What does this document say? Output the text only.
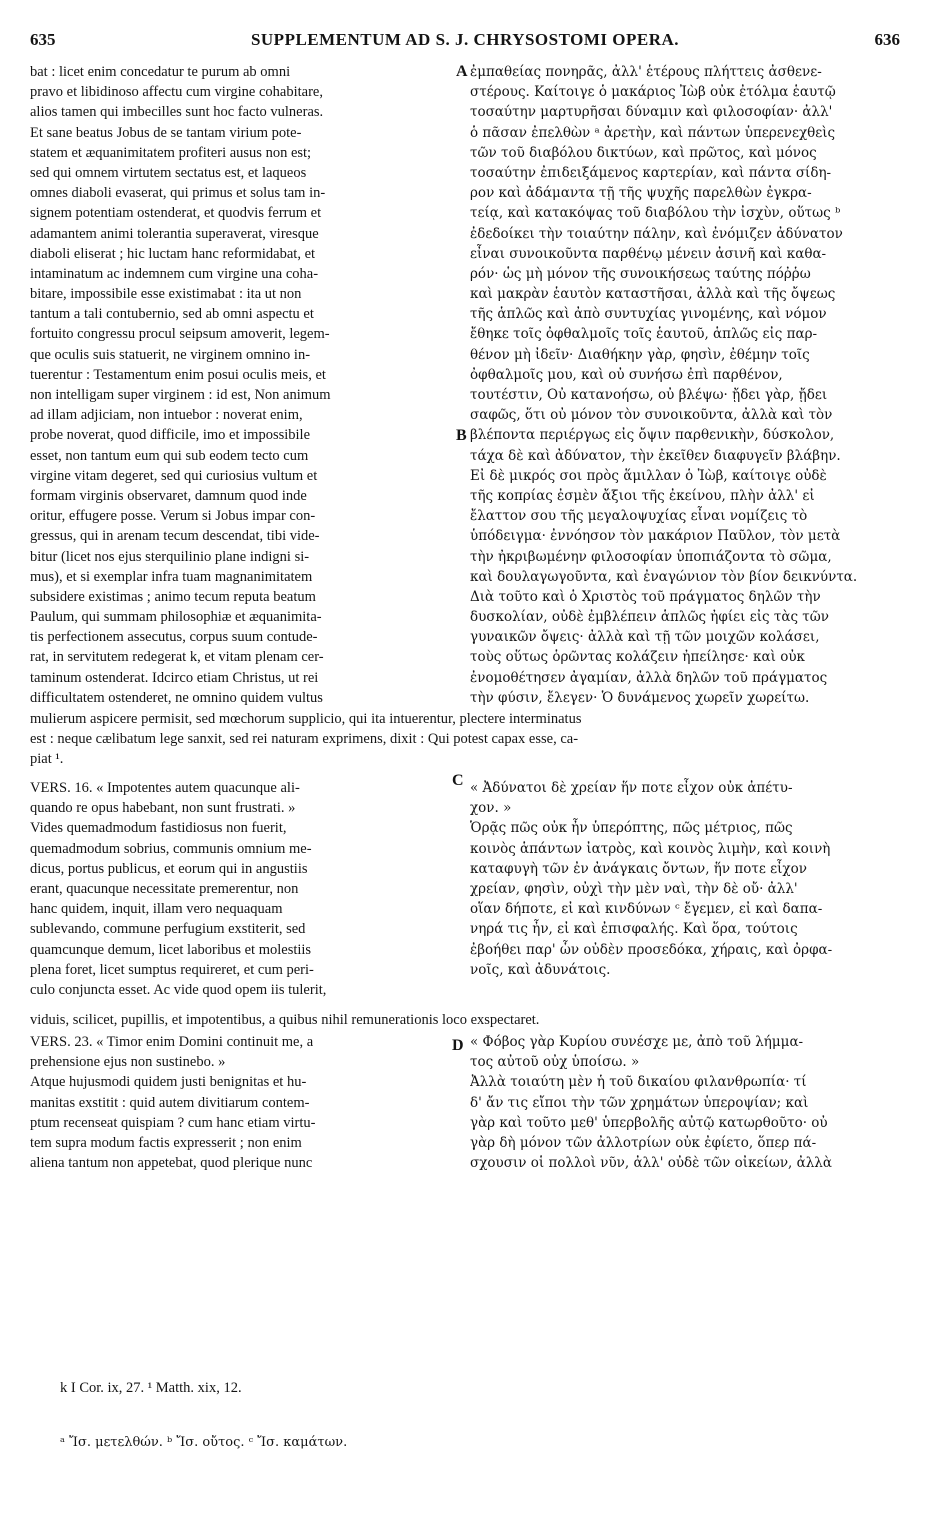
635	SUPPLEMENTUM AD S. J. CHRYSOSTOMI OPERA.	636
bat : licet enim concedatur te purum ab omni
pravo et libidinoso affectu cum virgine cohabitare,
alios tamen qui imbecilles sunt hoc facto vulneras.
Et sane beatus Jobus de se tantam virium pote-
statem et æquanimitatem profiteri ausus non est;
sed qui omnem virtutem sectatus est, et laqueos
omnes diaboli evaserat, qui primus et solus tam in-
signem potentiam ostenderat, et quodvis ferrum et
adamantem animi tolerantia superaverat, viresque
diaboli eliserat ; hic luctam hanc reformidabat, et
intaminatum ac indemnem cum virgine una coha-
bitare, impossibile esse existimabat : ita ut non
tantum a tali contubernio, sed ab omni aspectu et
fortuito congressu procul seipsum amoverit, legem-
que oculis suis statuerit, ne virginem omnino in-
tuerentur : Testamentum enim posui oculis meis, et
non intelligam super virginem : id est, Non animum
ad illam adjiciam, non intuebor : noverat enim,
probe noverat, quod difficile, imo et impossibile
esset, non tantum eum qui sub eodem tecto cum
virgine vitam degeret, sed qui curiosius vultum et
formam virginis observaret, damnum quod inde
oritur, effugere posse. Verum si Jobus impar con-
gressus, qui in arenam tecum descendat, tibi vide-
bitur (licet nos ejus sterquilinio plane indigni si-
mus), et si exemplar infra tuam magnanimitatem
subsidere existimas ; animo tecum reputa beatum
Paulum, qui summam philosophiæ et æquanimita-
tis perfectionem assecutus, corpus suum contude-
rat, in servitutem redegerat k, et vitam plenam cer-
taminum ostenderat. Idcirco etiam Christus, ut rei
difficultatem ostenderet, ne omnino quidem vultus
ἐμπαθείας πονηρᾶς, ἀλλ' ἑτέρους πλήττεις ἀσθενε-
στέρους. Καίτοιγε ὁ μακάριος Ἰὼβ οὐκ ἐτόλμα ἑαυτῷ
τοσαύτην μαρτυρῆσαι δύναμιν καὶ φιλοσοφίαν· ἀλλ'
ὁ πᾶσαν ἐπελθὼν ᵃ ἀρετὴν, καὶ πάντων ὑπερενεχθεὶς
τῶν τοῦ διαβόλου δικτύων, καὶ πρῶτος, καὶ μόνος
τοσαύτην ἐπιδειξάμενος καρτερίαν, καὶ πάντα σίδη-
ρον καὶ ἀδάμαντα τῇ τῆς ψυχῆς παρελθὼν ἐγκρα-
τείᾳ, καὶ κατακόψας τοῦ διαβόλου τὴν ἰσχὺν, οὕτως ᵇ
ἐδεδοίκει τὴν τοιαύτην πάλην, καὶ ἐνόμιζεν ἀδύνατον
εἶναι συνοικοῦντα παρθένῳ μένειν ἀσινῆ καὶ καθα-
ρόν· ὡς μὴ μόνον τῆς συνοικήσεως ταύτης πόῤῥω
καὶ μακρὰν ἑαυτὸν καταστῆσαι, ἀλλὰ καὶ τῆς ὄψεως
τῆς ἁπλῶς καὶ ἀπὸ συντυχίας γινομένης, καὶ νόμον
ἔθηκε τοῖς ὀφθαλμοῖς τοῖς ἑαυτοῦ, ἁπλῶς εἰς παρ-
θένον μὴ ἰδεῖν· Διαθήκην γὰρ, φησὶν, ἐθέμην τοῖς
ὀφθαλμοῖς μου, καὶ οὐ συνήσω ἐπὶ παρθένον,
τουτέστιν, Οὐ κατανοήσω, οὐ βλέψω· ᾔδει γὰρ, ᾔδει
σαφῶς, ὅτι οὐ μόνον τὸν συνοικοῦντα, ἀλλὰ καὶ τὸν
βλέποντα περιέργως εἰς ὄψιν παρθενικὴν, δύσκολον,
τάχα δὲ καὶ ἀδύνατον, τὴν ἐκεῖθεν διαφυγεῖν βλάβην.
Εἰ δὲ μικρός σοι πρὸς ἅμιλλαν ὁ Ἰὼβ, καίτοιγε οὐδὲ
τῆς κοπρίας ἐσμὲν ἄξιοι τῆς ἐκείνου, πλὴν ἀλλ' εἰ
ἔλαττον σου τῆς μεγαλοψυχίας εἶναι νομίζεις τὸ
ὑπόδειγμα· ἐννόησον τὸν μακάριον Παῦλον, τὸν μετὰ
τὴν ἠκριβωμένην φιλοσοφίαν ὑποπιάζοντα τὸ σῶμα,
καὶ δουλαγωγοῦντα, καὶ ἐναγώνιον τὸν βίον δεικνύντα.
Διὰ τοῦτο καὶ ὁ Χριστὸς τοῦ πράγματος δηλῶν τὴν
δυσκολίαν, οὐδὲ ἐμβλέπειν ἁπλῶς ἠφίει εἰς τὰς τῶν
γυναικῶν ὄψεις· ἀλλὰ καὶ τῇ τῶν μοιχῶν κολάσει,
τοὺς οὕτως ὁρῶντας κολάζειν ἠπείλησε· καὶ οὐκ
ἐνομοθέτησεν ἀγαμίαν, ἀλλὰ δηλῶν τοῦ πράγματος
τὴν φύσιν, ἔλεγεν· Ὁ δυνάμενος χωρεῖν χωρείτω.
A
B
C
D
mulierum aspicere permisit, sed mœchorum supplicio, qui ita intuerentur, plectere interminatus
est : neque cælibatum lege sanxit, sed rei naturam exprimens, dixit : Qui potest capax esse, ca-
piat ¹.
VERS. 16. « Impotentes autem quacunque ali-
quando re opus habebant, non sunt frustrati. »
Vides quemadmodum fastidiosus non fuerit,
quemadmodum sobrius, communis omnium me-
dicus, portus publicus, et eorum qui in angustiis
erant, quacunque necessitate premerentur, non
hanc quidem, inquit, illam vero nequaquam
sublevando, commune perfugium exstiterit, sed
quamcunque demum, licet laboribus et molestiis
plena foret, licet sumptus requireret, et cum peri-
culo conjuncta esset. Ac vide quod opem iis tulerit,
« Ἀδύνατοι δὲ χρείαν ἥν ποτε εἶχον οὐκ ἀπέτυ-
χον. »
Ὁρᾷς πῶς οὐκ ἦν ὑπερόπτης, πῶς μέτριος, πῶς
κοινὸς ἁπάντων ἰατρὸς, καὶ κοινὸς λιμὴν, καὶ κοινὴ
καταφυγὴ τῶν ἐν ἀνάγκαις ὄντων, ἥν ποτε εἶχον
χρείαν, φησὶν, οὐχὶ τὴν μὲν ναὶ, τὴν δὲ οὔ· ἀλλ'
οἵαν δήποτε, εἰ καὶ κινδύνων ᶜ ἔγεμεν, εἰ καὶ δαπα-
νηρά τις ἦν, εἰ καὶ ἐπισφαλής. Καὶ ὅρα, τούτοις
ἐβοήθει παρ' ὧν οὐδὲν προσεδόκα, χήραις, καὶ ὀρφα-
νοῖς, καὶ ἀδυνάτοις.
viduis, scilicet, pupillis, et impotentibus, a quibus nihil remunerationis loco exspectaret.
VERS. 23. « Timor enim Domini continuit me, a
prehensione ejus non sustinebo. »
Atque hujusmodi quidem justi benignitas et hu-
manitas exstitit : quid autem divitiarum contem-
ptum recenseat quispiam ? cum hanc etiam virtu-
tem supra modum factis expresserit ; non enim
aliena tantum non appetebat, quod plerique nunc
« Φόβος γὰρ Κυρίου συνέσχε με, ἀπὸ τοῦ λήμμα-
τος αὐτοῦ οὐχ ὑποίσω. »
Ἀλλὰ τοιαύτη μὲν ἡ τοῦ δικαίου φιλανθρωπία· τί
δ' ἄν τις εἴποι τὴν τῶν χρημάτων ὑπεροψίαν; καὶ
γὰρ καὶ τοῦτο μεθ' ὑπερβολῆς αὐτῷ κατωρθοῦτο· οὐ
γὰρ δὴ μόνον τῶν ἀλλοτρίων οὐκ ἐφίετο, ὅπερ πά-
σχουσιν οἱ πολλοὶ νῦν, ἀλλ' οὐδὲ τῶν οἰκείων, ἀλλὰ
k I Cor. ix, 27. ¹ Matth. xix, 12.
ᵃ Ἴσ. μετελθών. ᵇ Ἴσ. οὔτος. ᶜ Ἴσ. καμάτων.
